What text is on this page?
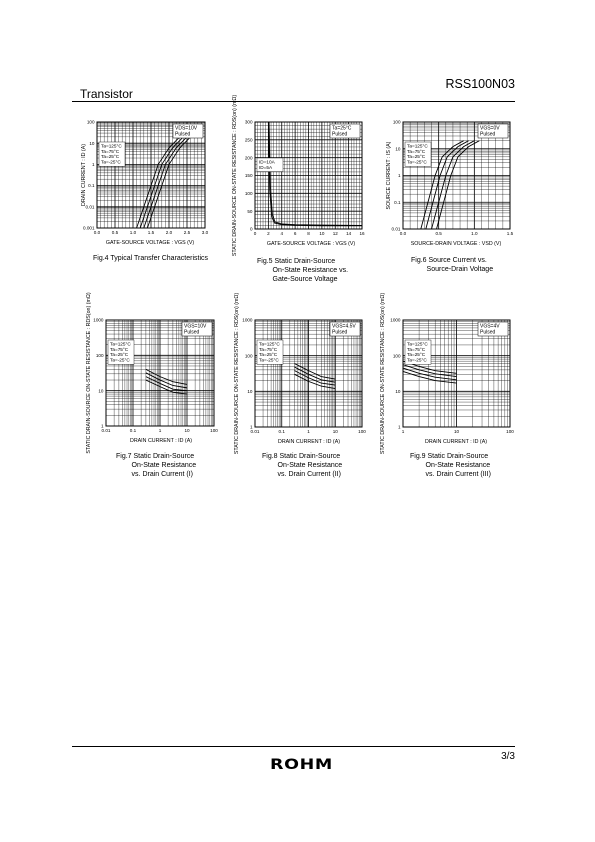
RSS100N03
Transistor
0.0	0.5	1.0	1.5	2.0	2.5	3.0
0.001
0.01
0.1
1
10
100
GATE-SOURCE VOLTAGE : VGS (V)
DRAIN CURRENT : ID (A)
VDS=10V
Pulsed
Ta=125°C
Ta=75°C
Ta=25°C
Ta=-25°C
0 2 4 6 8 10 12 14 16
0
50
100
150
200
250
300
GATE-SOURCE VOLTAGE : VGS (V)
STATIC DRAIN-SOURCE ON-STATE RESISTANCE : RDS(on) (mΩ)	Ta=25°C
Pulsed
ID=10A
ID=5A
0.0	0.5	1.0	1.5
0.01
0.1
1
10
100
SOURCE-DRAIN VOLTAGE : VSD (V)
SOURCE CURRENT : IS (A)
VGS=0V
Pulsed
Ta=125°C
Ta=75°C
Ta=25°C
Ta=-25°C
0.01	0.1	1	10	100
1
10
100
1000
DRAIN CURRENT : ID (A)
STATIC DRAIN-SOURCE ON-STATE RESISTANCE : RDS(on) (mΩ)	VGS=10V
Pulsed
Ta=125°C
Ta=75°C
Ta=25°C
Ta=-25°C
0.01	0.1	1	10	100
1
10
100
1000
DRAIN CURRENT : ID (A)
STATIC DRAIN-SOURCE ON-STATE RESISTANCE : RDS(on) (mΩ)	VGS=4.5V
Pulsed
Ta=125°C
Ta=75°C
Ta=25°C
Ta=-25°C
1	10	100
1
10
100
1000
DRAIN CURRENT : ID (A)
STATIC DRAIN-SOURCE ON-STATE RESISTANCE : RDS(on) (mΩ)	VGS=4V
Pulsed
Ta=125°C
Ta=75°C
Ta=25°C
Ta=-25°C
Fig.4 Typical Transfer Characteristics	Fig.5 Static Drain-Source
On-State Resistance vs.
Gate-Source Voltage
Fig.6 Source Current vs.
Source-Drain Voltage
Fig.7 Static Drain-Source
On-State Resistance
vs. Drain Current (I)
Fig.8 Static Drain-Source
On-State Resistance
vs. Drain Current (II)
Fig.9 Static Drain-Source
On-State Resistance
vs. Drain Current (III)
3/3
ROHM
